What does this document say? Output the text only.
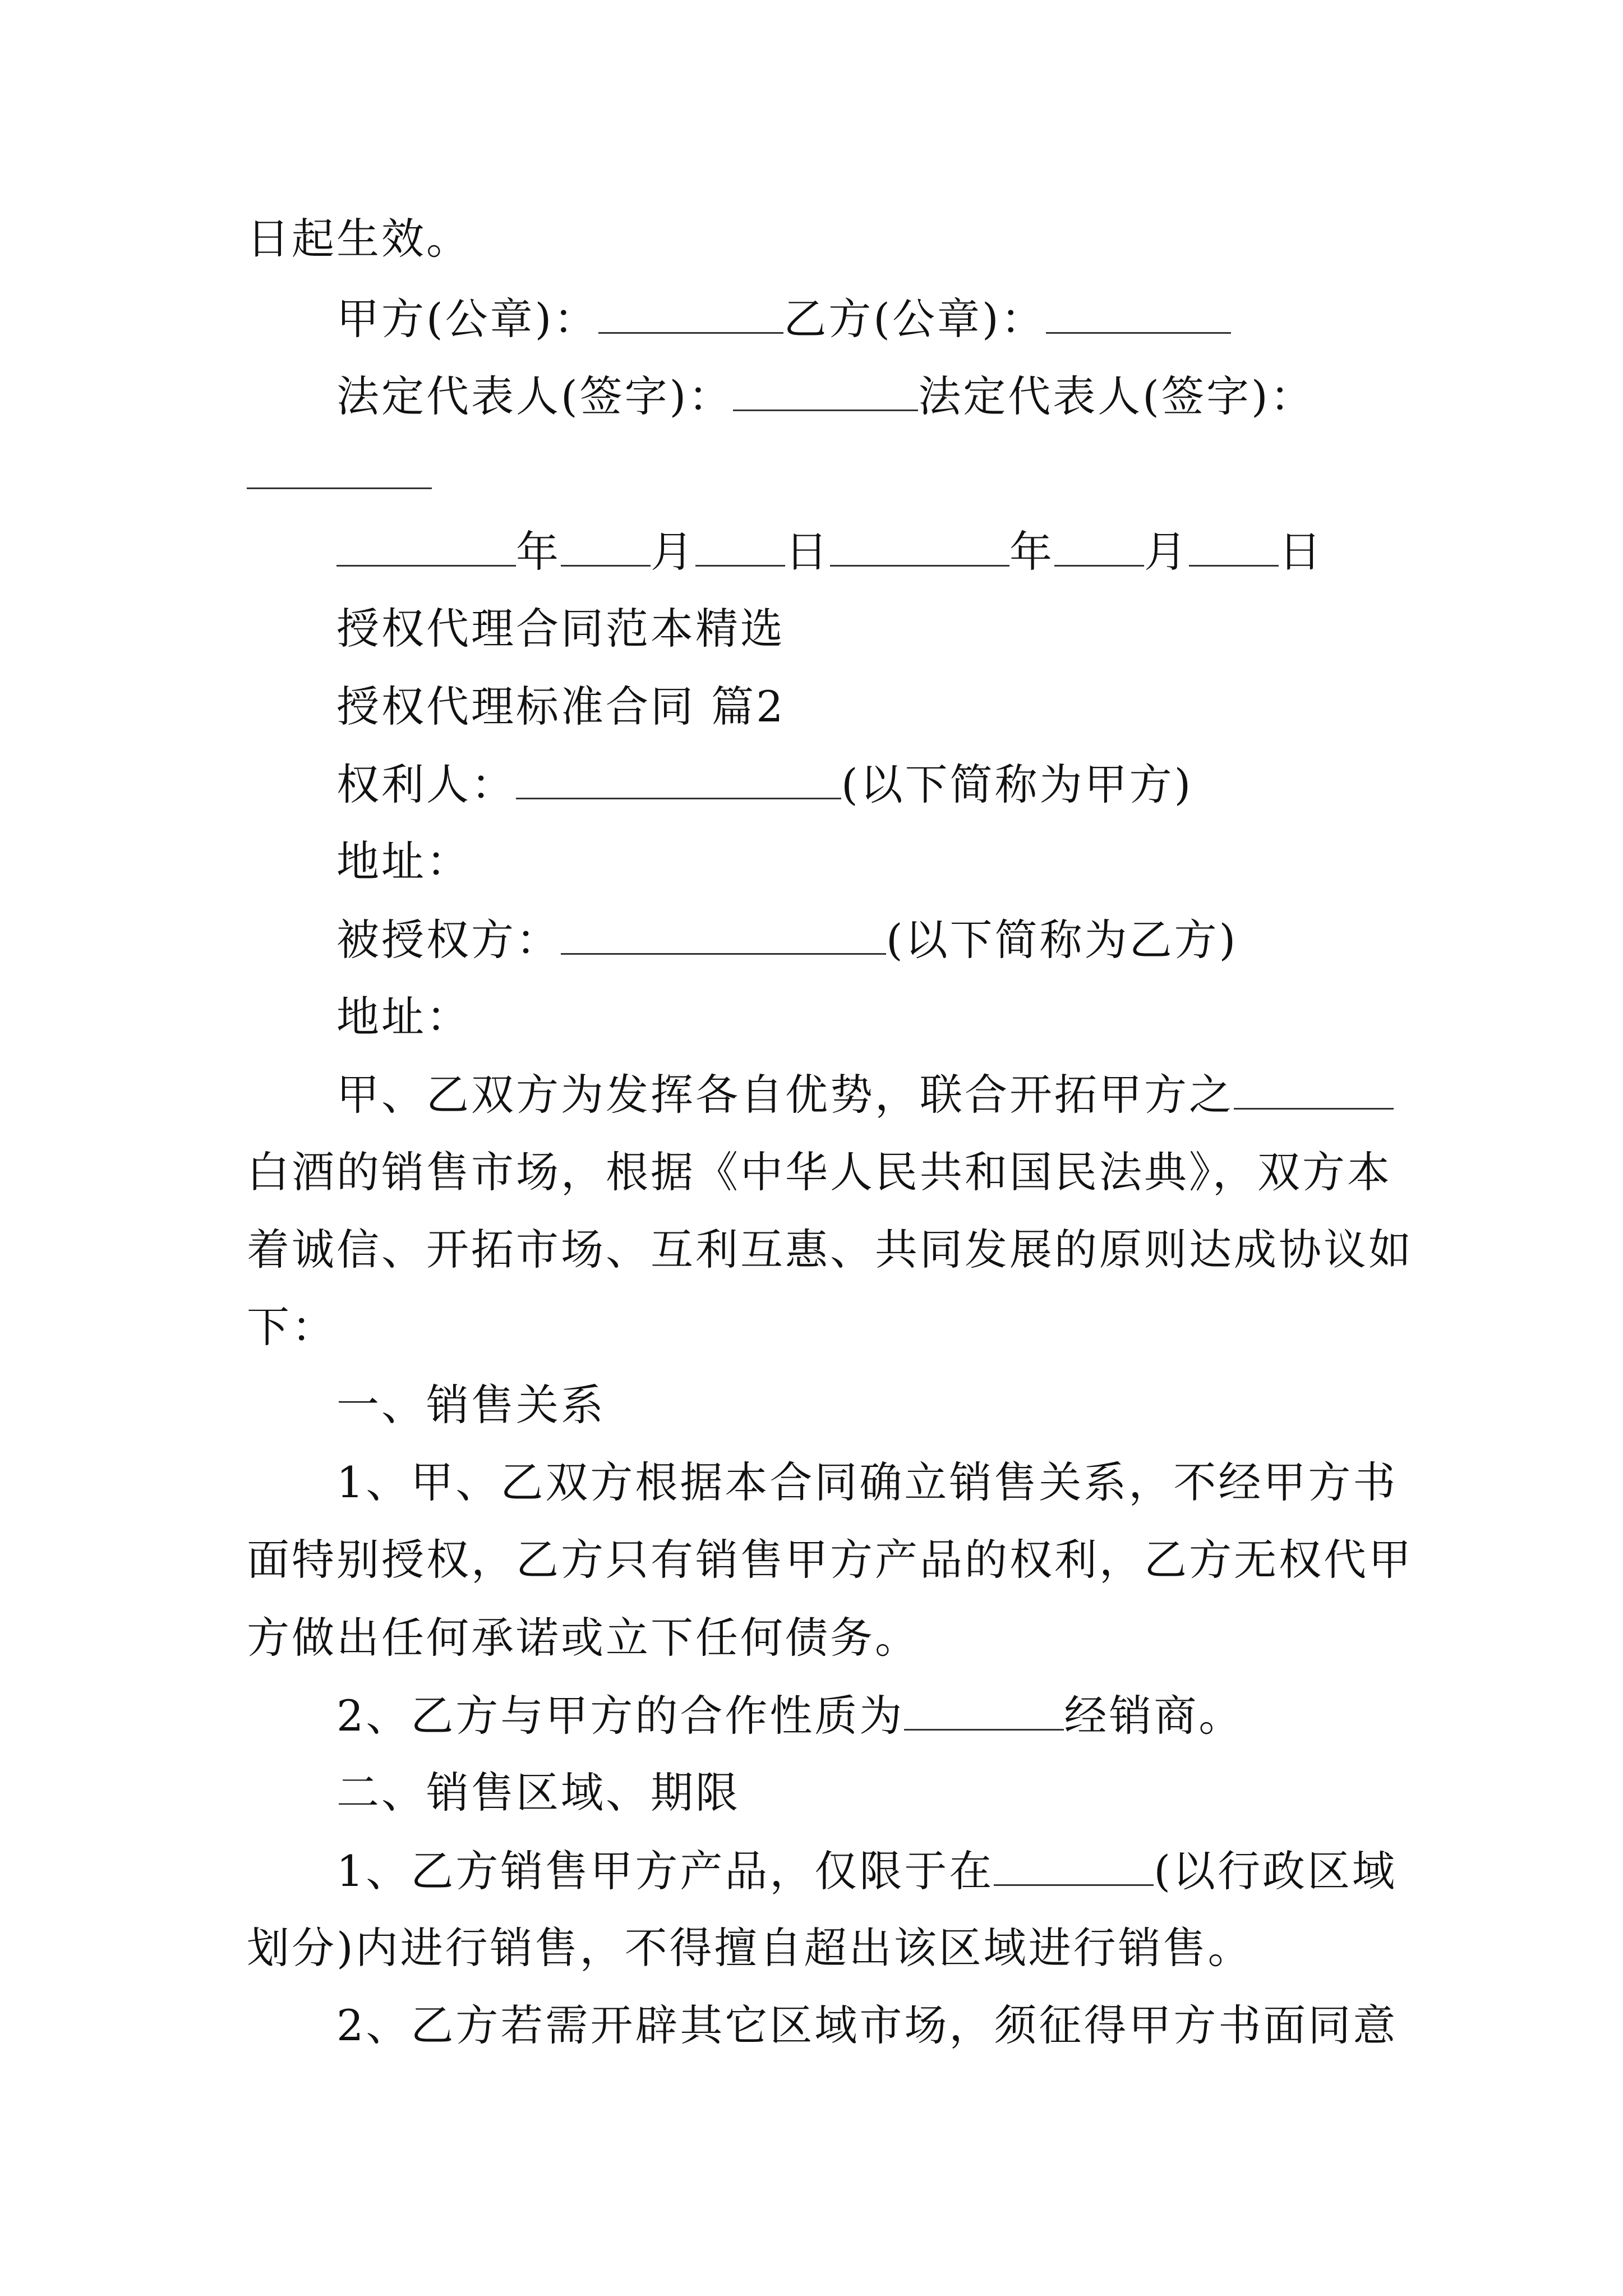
日起生效。
甲方(公章)：	乙方(公章)：
法定代表人(签字)：	法定代表人(签字)：
年 月 日	年 月 日
授权代理合同范本精选
授权代理标准合同 篇2
权利人：	(以下简称为甲方)
地址：
被授权方：	(以下简称为乙方)
地址：
甲、乙双方为发挥各自优势，联合开拓甲方之
白酒的销售市场，根据《中华人民共和国民法典》，双方本
着诚信、开拓市场、互利互惠、共同发展的原则达成协议如
下：
一、销售关系
1、甲、乙双方根据本合同确立销售关系，不经甲方书
面特别授权，乙方只有销售甲方产品的权利，乙方无权代甲
方做出任何承诺或立下任何债务。
2、乙方与甲方的合作性质为	经销商。
二、销售区域、期限
1、乙方销售甲方产品，仅限于在	(以行政区域
划分)内进行销售，不得擅自超出该区域进行销售。
2、乙方若需开辟其它区域市场，须征得甲方书面同意
